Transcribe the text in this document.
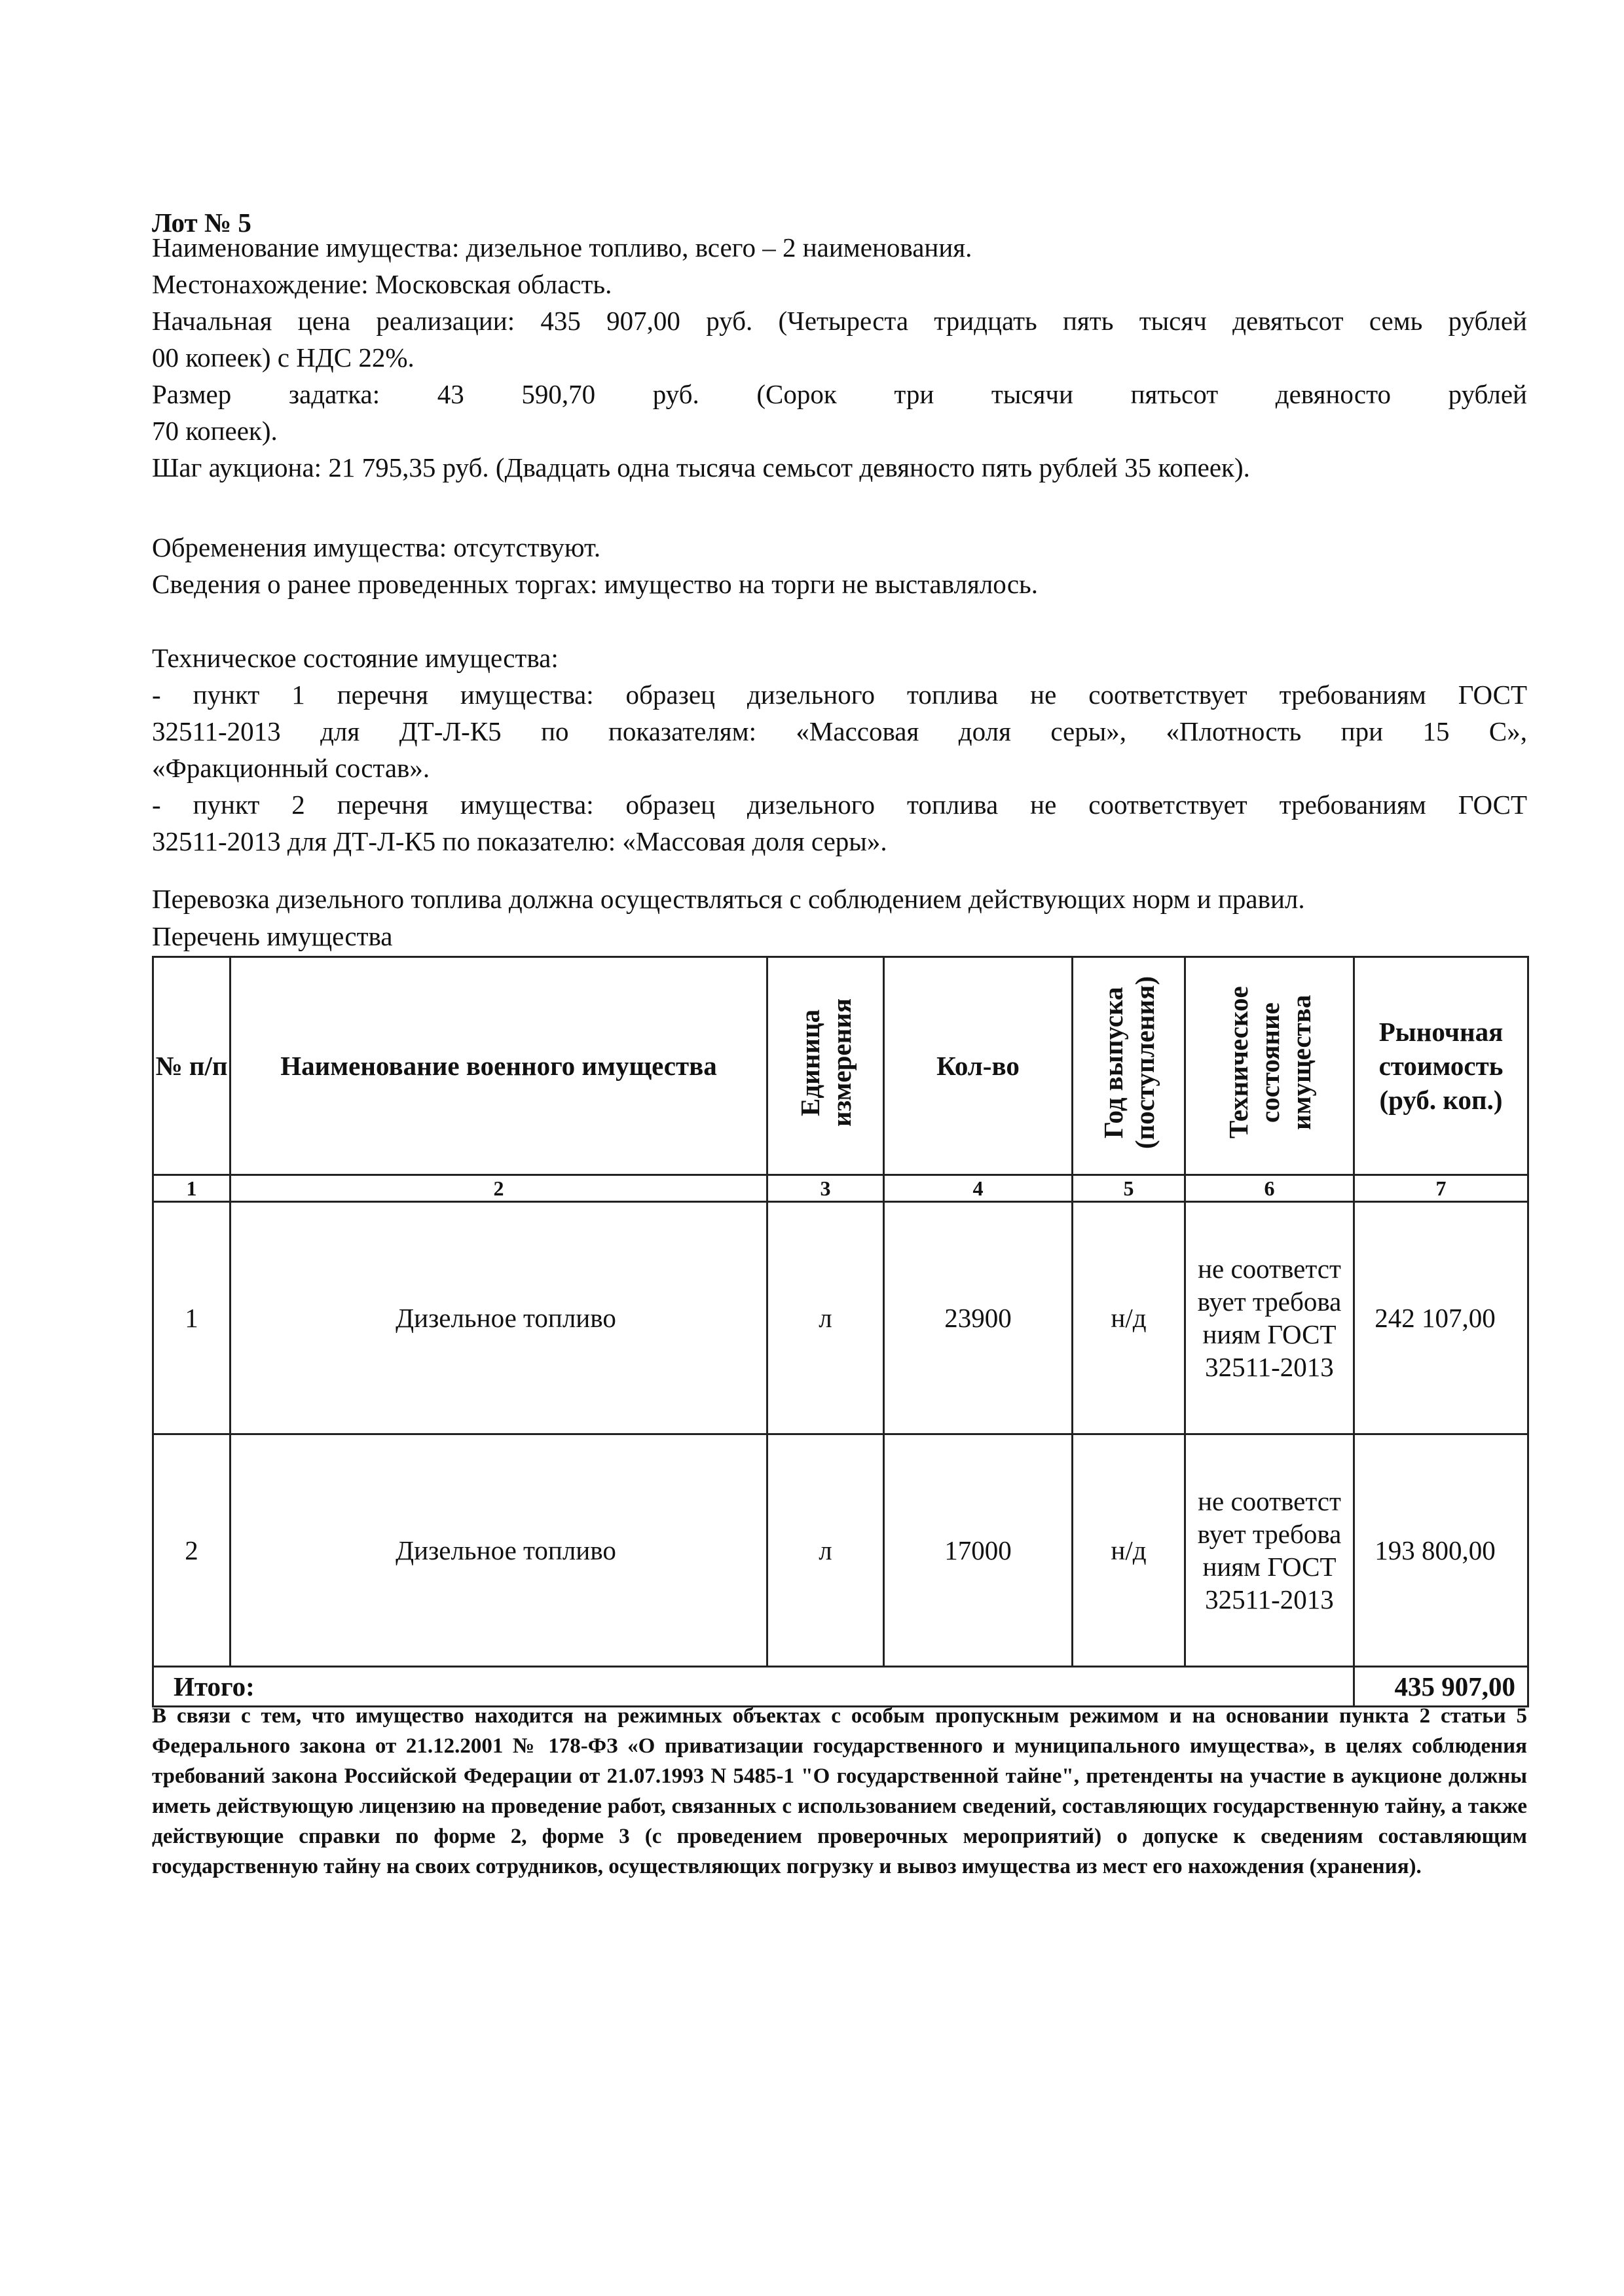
Лот № 5
Наименование имущества: дизельное топливо, всего – 2 наименования.
Местонахождение: Московская область.
Начальная цена реализации: 435 907,00 руб. (Четыреста тридцать пять тысяч девятьсот семь рублей
00 копеек) с НДС 22%.
Размер задатка: 43 590,70 руб. (Сорок три тысячи пятьсот девяносто рублей
70 копеек).
Шаг аукциона: 21 795,35 руб. (Двадцать одна тысяча семьсот девяносто пять рублей 35 копеек).
Обременения имущества: отсутствуют.
Сведения о ранее проведенных торгах: имущество на торги не выставлялось.
Техническое состояние имущества:
- пункт 1 перечня имущества: образец дизельного топлива не соответствует требованиям ГОСТ
32511-2013 для ДТ-Л-К5 по показателям: «Массовая доля серы», «Плотность при 15 С»,
«Фракционный состав».
- пункт 2 перечня имущества: образец дизельного топлива не соответствует требованиям ГОСТ
32511-2013 для ДТ-Л-К5 по показателю: «Массовая доля серы».
Перевозка дизельного топлива должна осуществляться с соблюдением действующих норм и правил.
Перечень имущества
№ п/п	Наименование военного имущества	Единица измерения	Кол-во	Год выпуска (поступления)	Техническое состояние имущества	Рыночная стоимость (руб. коп.)
1	2	3	4	5	6	7
1	Дизельное топливо	л	23900	н/д	не соответствует требованиям ГОСТ 32511-2013	242 107,00
2	Дизельное топливо	л	17000	н/д	не соответствует требованиям ГОСТ 32511-2013	193 800,00
Итого:						435 907,00
В связи с тем, что имущество находится на режимных объектах с особым пропускным режимом и на основании пункта 2 статьи 5 Федерального закона от 21.12.2001 № 178-ФЗ «О приватизации государственного и муниципального имущества», в целях соблюдения требований закона Российской Федерации от 21.07.1993 N 5485-1 "О государственной тайне", претенденты на участие в аукционе должны иметь действующую лицензию на проведение работ, связанных с использованием сведений, составляющих государственную тайну, а также действующие справки по форме 2, форме 3 (с проведением проверочных мероприятий) о допуске к сведениям составляющим государственную тайну на своих сотрудников, осуществляющих погрузку и вывоз имущества из мест его нахождения (хранения).
